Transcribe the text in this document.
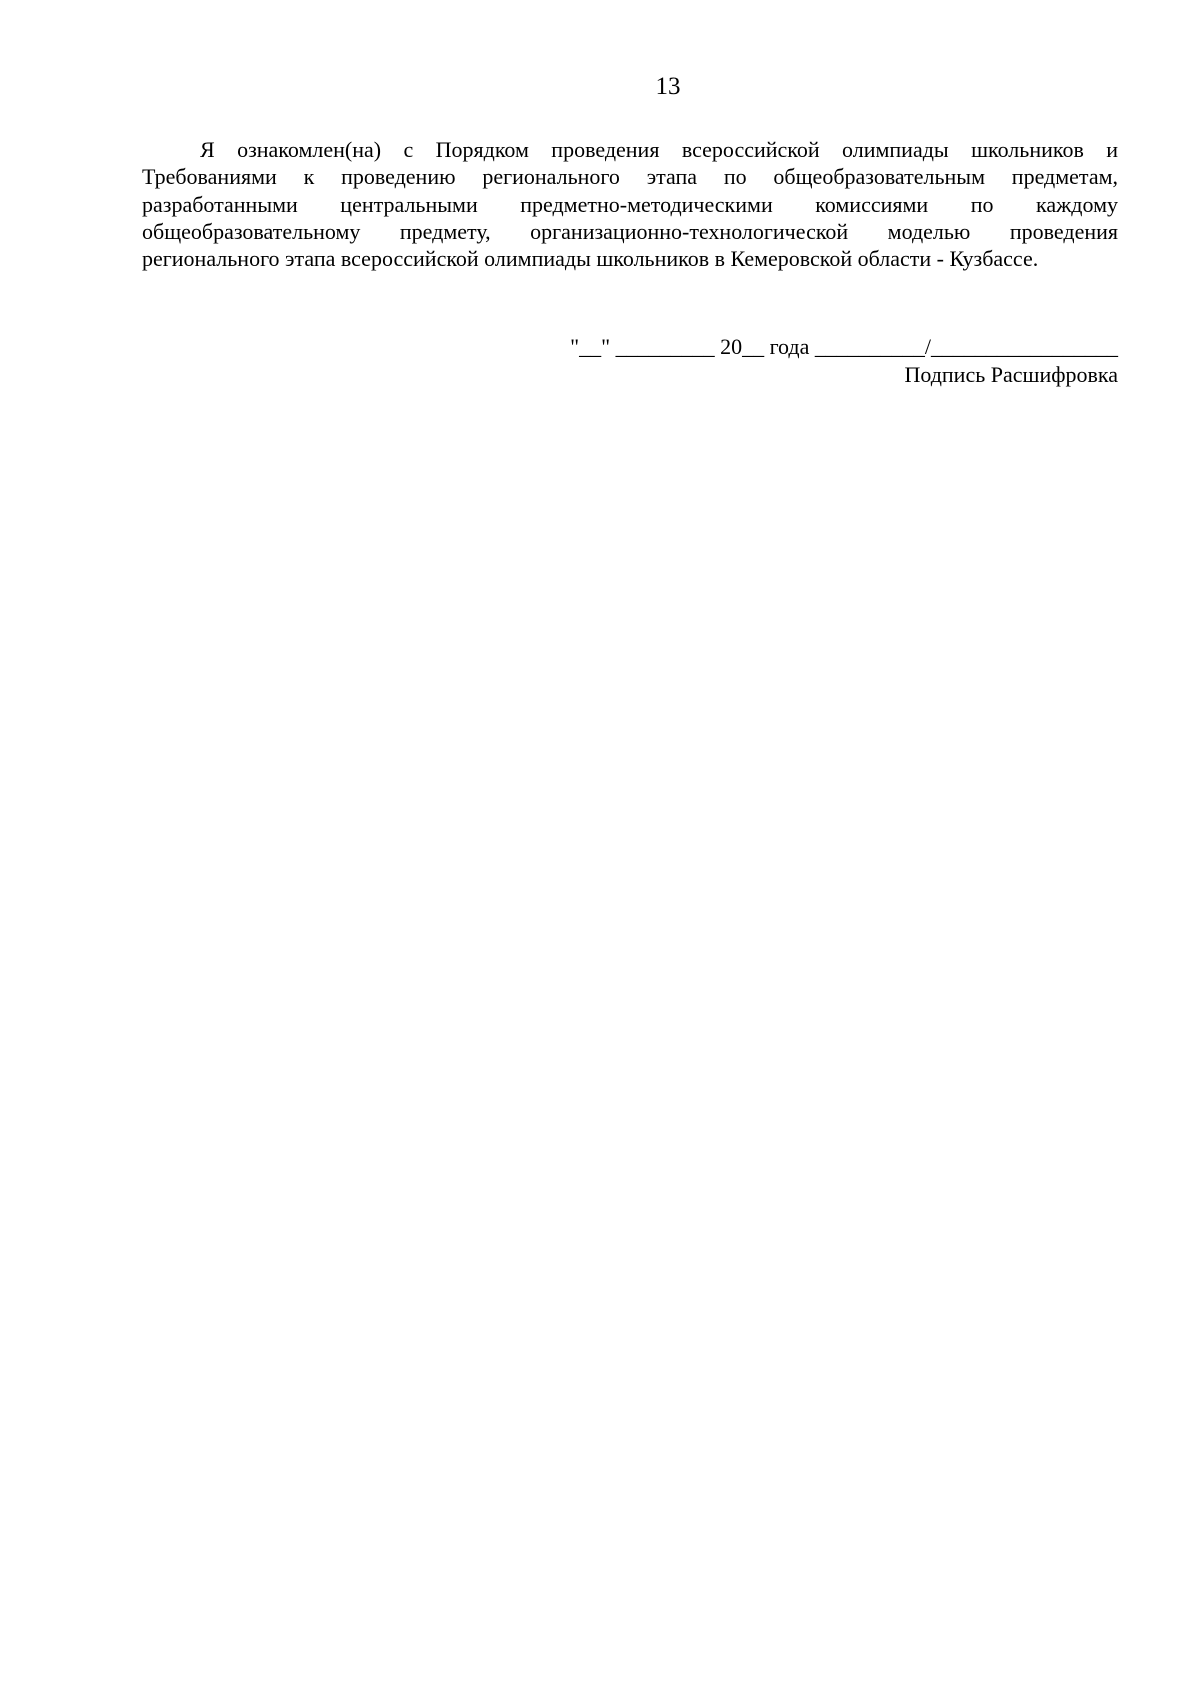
13

Я ознакомлен(на) с Порядком проведения всероссийской олимпиады школьников и Требованиями к проведению регионального этапа по общеобразовательным предметам, разработанными центральными предметно-методическими комиссиями по каждому общеобразовательному предмету, организационно-технологической моделью проведения регионального этапа всероссийской олимпиады школьников в Кемеровской области - Кузбассе.

"__" _________ 20__ года __________/_________________
Подпись Расшифровка
